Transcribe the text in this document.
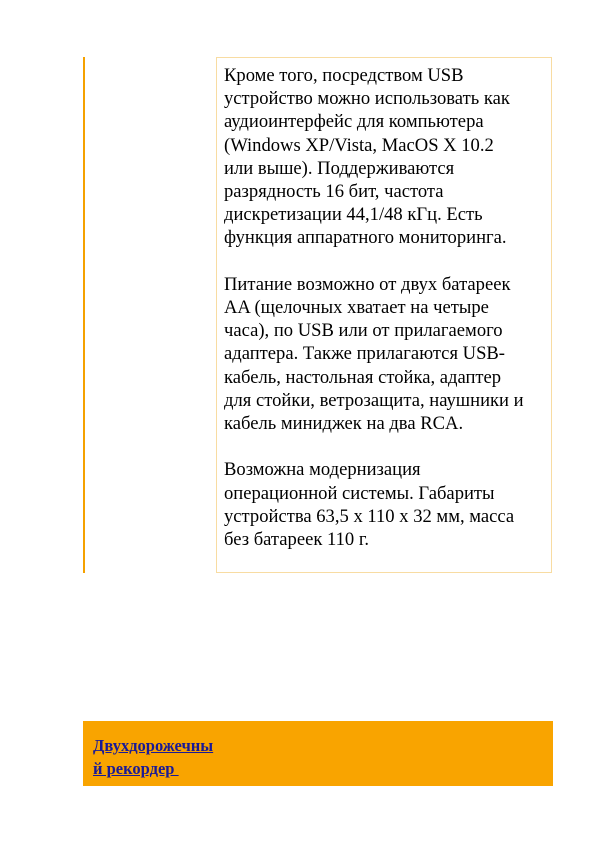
Кроме того, посредством USB
устройство можно использовать как
аудиоинтерфейс для компьютера
(Windows XP/Vista, MacOS X 10.2
или выше). Поддерживаются
разрядность 16 бит, частота
дискретизации 44,1/48 кГц. Есть
функция аппаратного мониторинга.

Питание возможно от двух батареек
AA (щелочных хватает на четыре
часа), по USB или от прилагаемого
адаптера. Также прилагаются USB-
кабель, настольная стойка, адаптер
для стойки, ветрозащита, наушники и
кабель миниджек на два RCA.

Возможна модернизация
операционной системы. Габариты
устройства 63,5 x 110 x 32 мм, масса
без батареек 110 г.

Двухдорожечны
й рекордер
